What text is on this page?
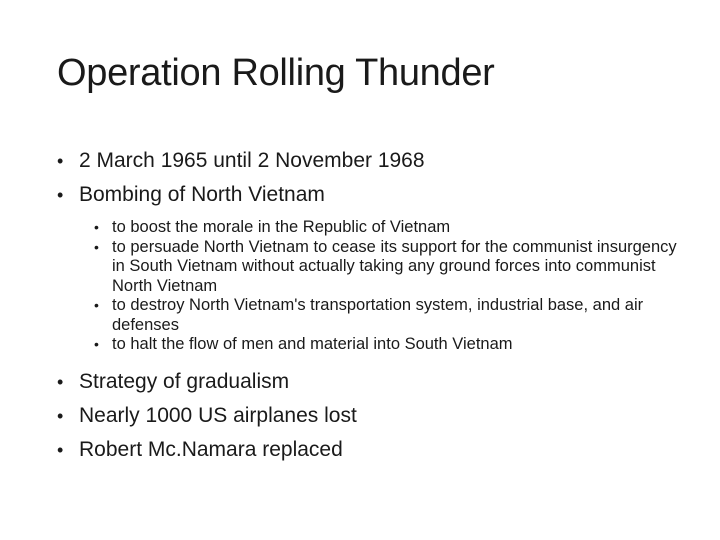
Operation Rolling Thunder
• 2 March 1965 until 2 November 1968
• Bombing of North Vietnam
• to boost the morale in the Republic of Vietnam
• to persuade North Vietnam to cease its support for the communist insurgency in South Vietnam without actually taking any ground forces into communist North Vietnam
• to destroy North Vietnam's transportation system, industrial base, and air defenses
• to halt the flow of men and material into South Vietnam
• Strategy of gradualism
• Nearly 1000 US airplanes lost
• Robert Mc.Namara replaced
